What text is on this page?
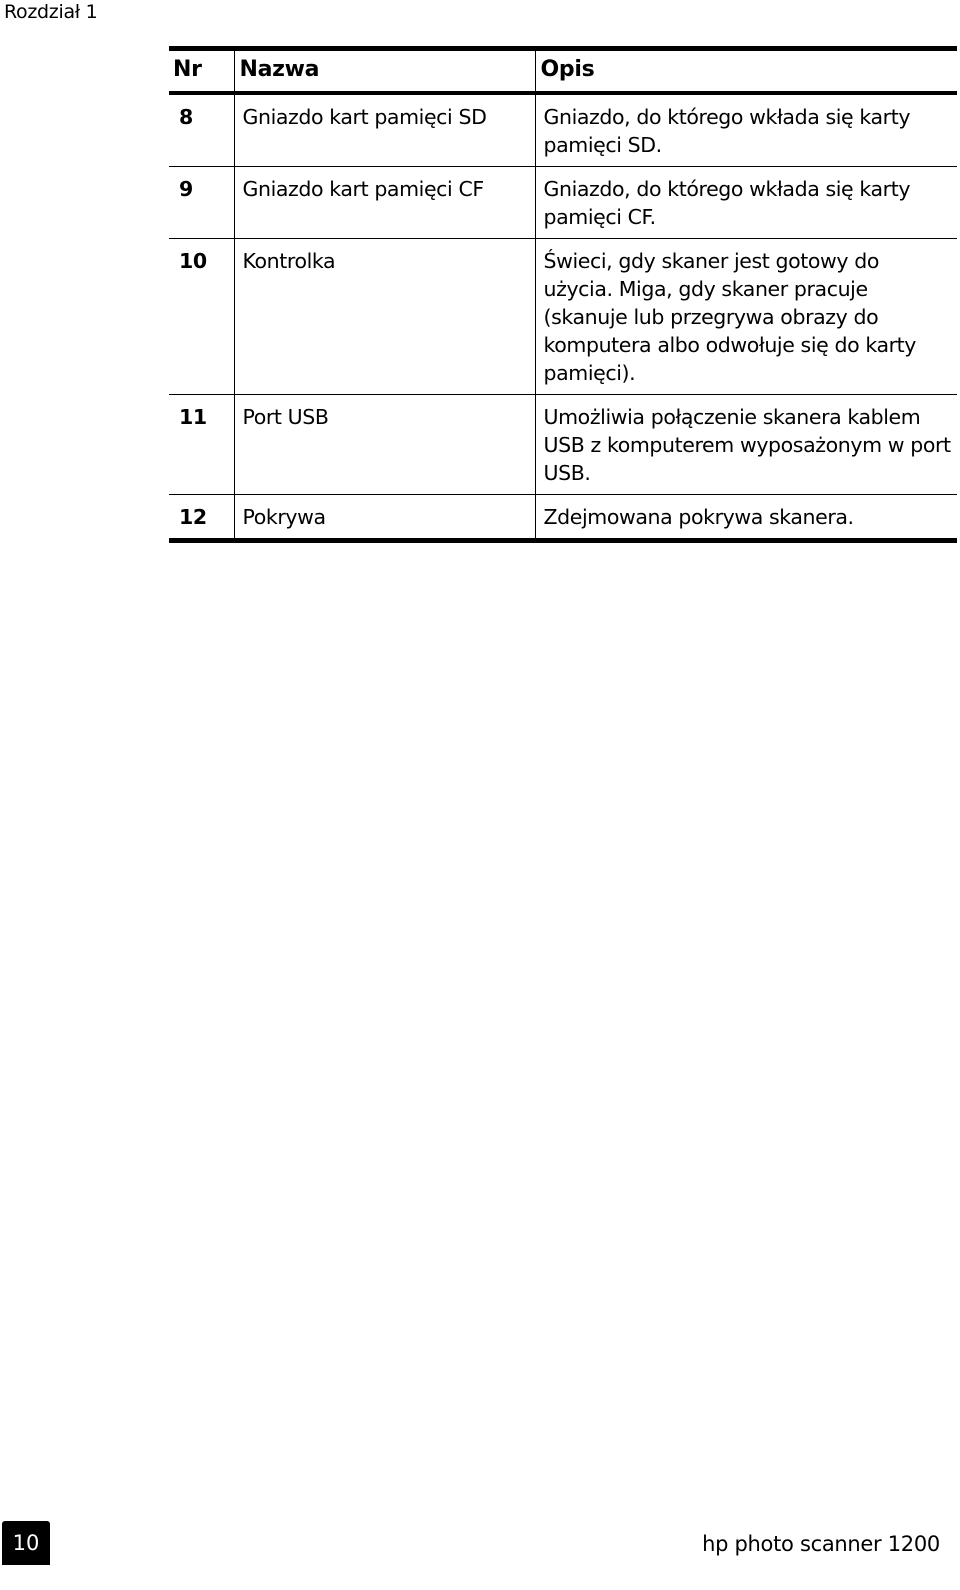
Rozdział 1
Nr	Nazwa	Opis
8	Gniazdo kart pamięci SD	Gniazdo, do którego wkłada się karty pamięci SD.
9	Gniazdo kart pamięci CF	Gniazdo, do którego wkłada się karty pamięci CF.
10	Kontrolka	Świeci, gdy skaner jest gotowy do użycia. Miga, gdy skaner pracuje (skanuje lub przegrywa obrazy do komputera albo odwołuje się do karty pamięci).
11	Port USB	Umożliwia połączenie skanera kablem USB z komputerem wyposażonym w port USB.
12	Pokrywa	Zdejmowana pokrywa skanera.
10	hp photo scanner 1200
